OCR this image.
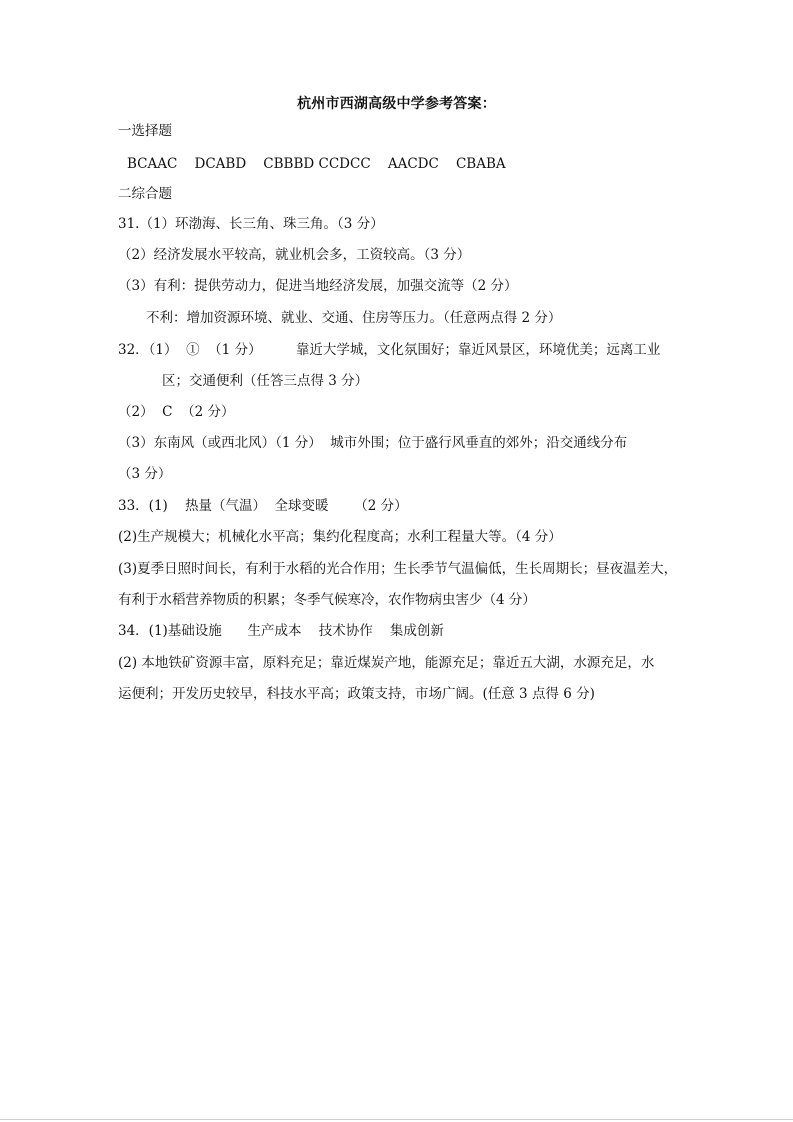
杭州市西湖高级中学参考答案：
一选择题
BCAAC    DCABD    CBBBD CCDCC    AACDC    CBABA
二综合题
31.（1）环渤海、长三角、珠三角。（3 分）
（2）经济发展水平较高，就业机会多，工资较高。（3 分）
（3）有利：提供劳动力，促进当地经济发展，加强交流等（2 分）
不利：增加资源环境、就业、交通、住房等压力。（任意两点得 2 分）
32．（1）  ①  （1 分）        靠近大学城，文化氛围好；靠近风景区，环境优美；远离工业
区；交通便利（任答三点得 3 分）
（2）  C  （2 分）
（3）东南风（或西北风）（1 分）  城市外围；位于盛行风垂直的郊外；沿交通线分布
（3 分）
33．(1)    热量（气温）  全球变暖      （2 分）
(2)生产规模大；机械化水平高；集约化程度高；水利工程量大等。（4 分）
(3)夏季日照时间长，有利于水稻的光合作用；生长季节气温偏低，生长周期长；昼夜温差大，
有利于水稻营养物质的积累；冬季气候寒冷，农作物病虫害少（4 分）
34．(1)基础设施      生产成本    技术协作    集成创新
(2) 本地铁矿资源丰富，原料充足；靠近煤炭产地，能源充足；靠近五大湖，水源充足，水
运便利；开发历史较早，科技水平高；政策支持，市场广阔。(任意 3 点得 6 分)
